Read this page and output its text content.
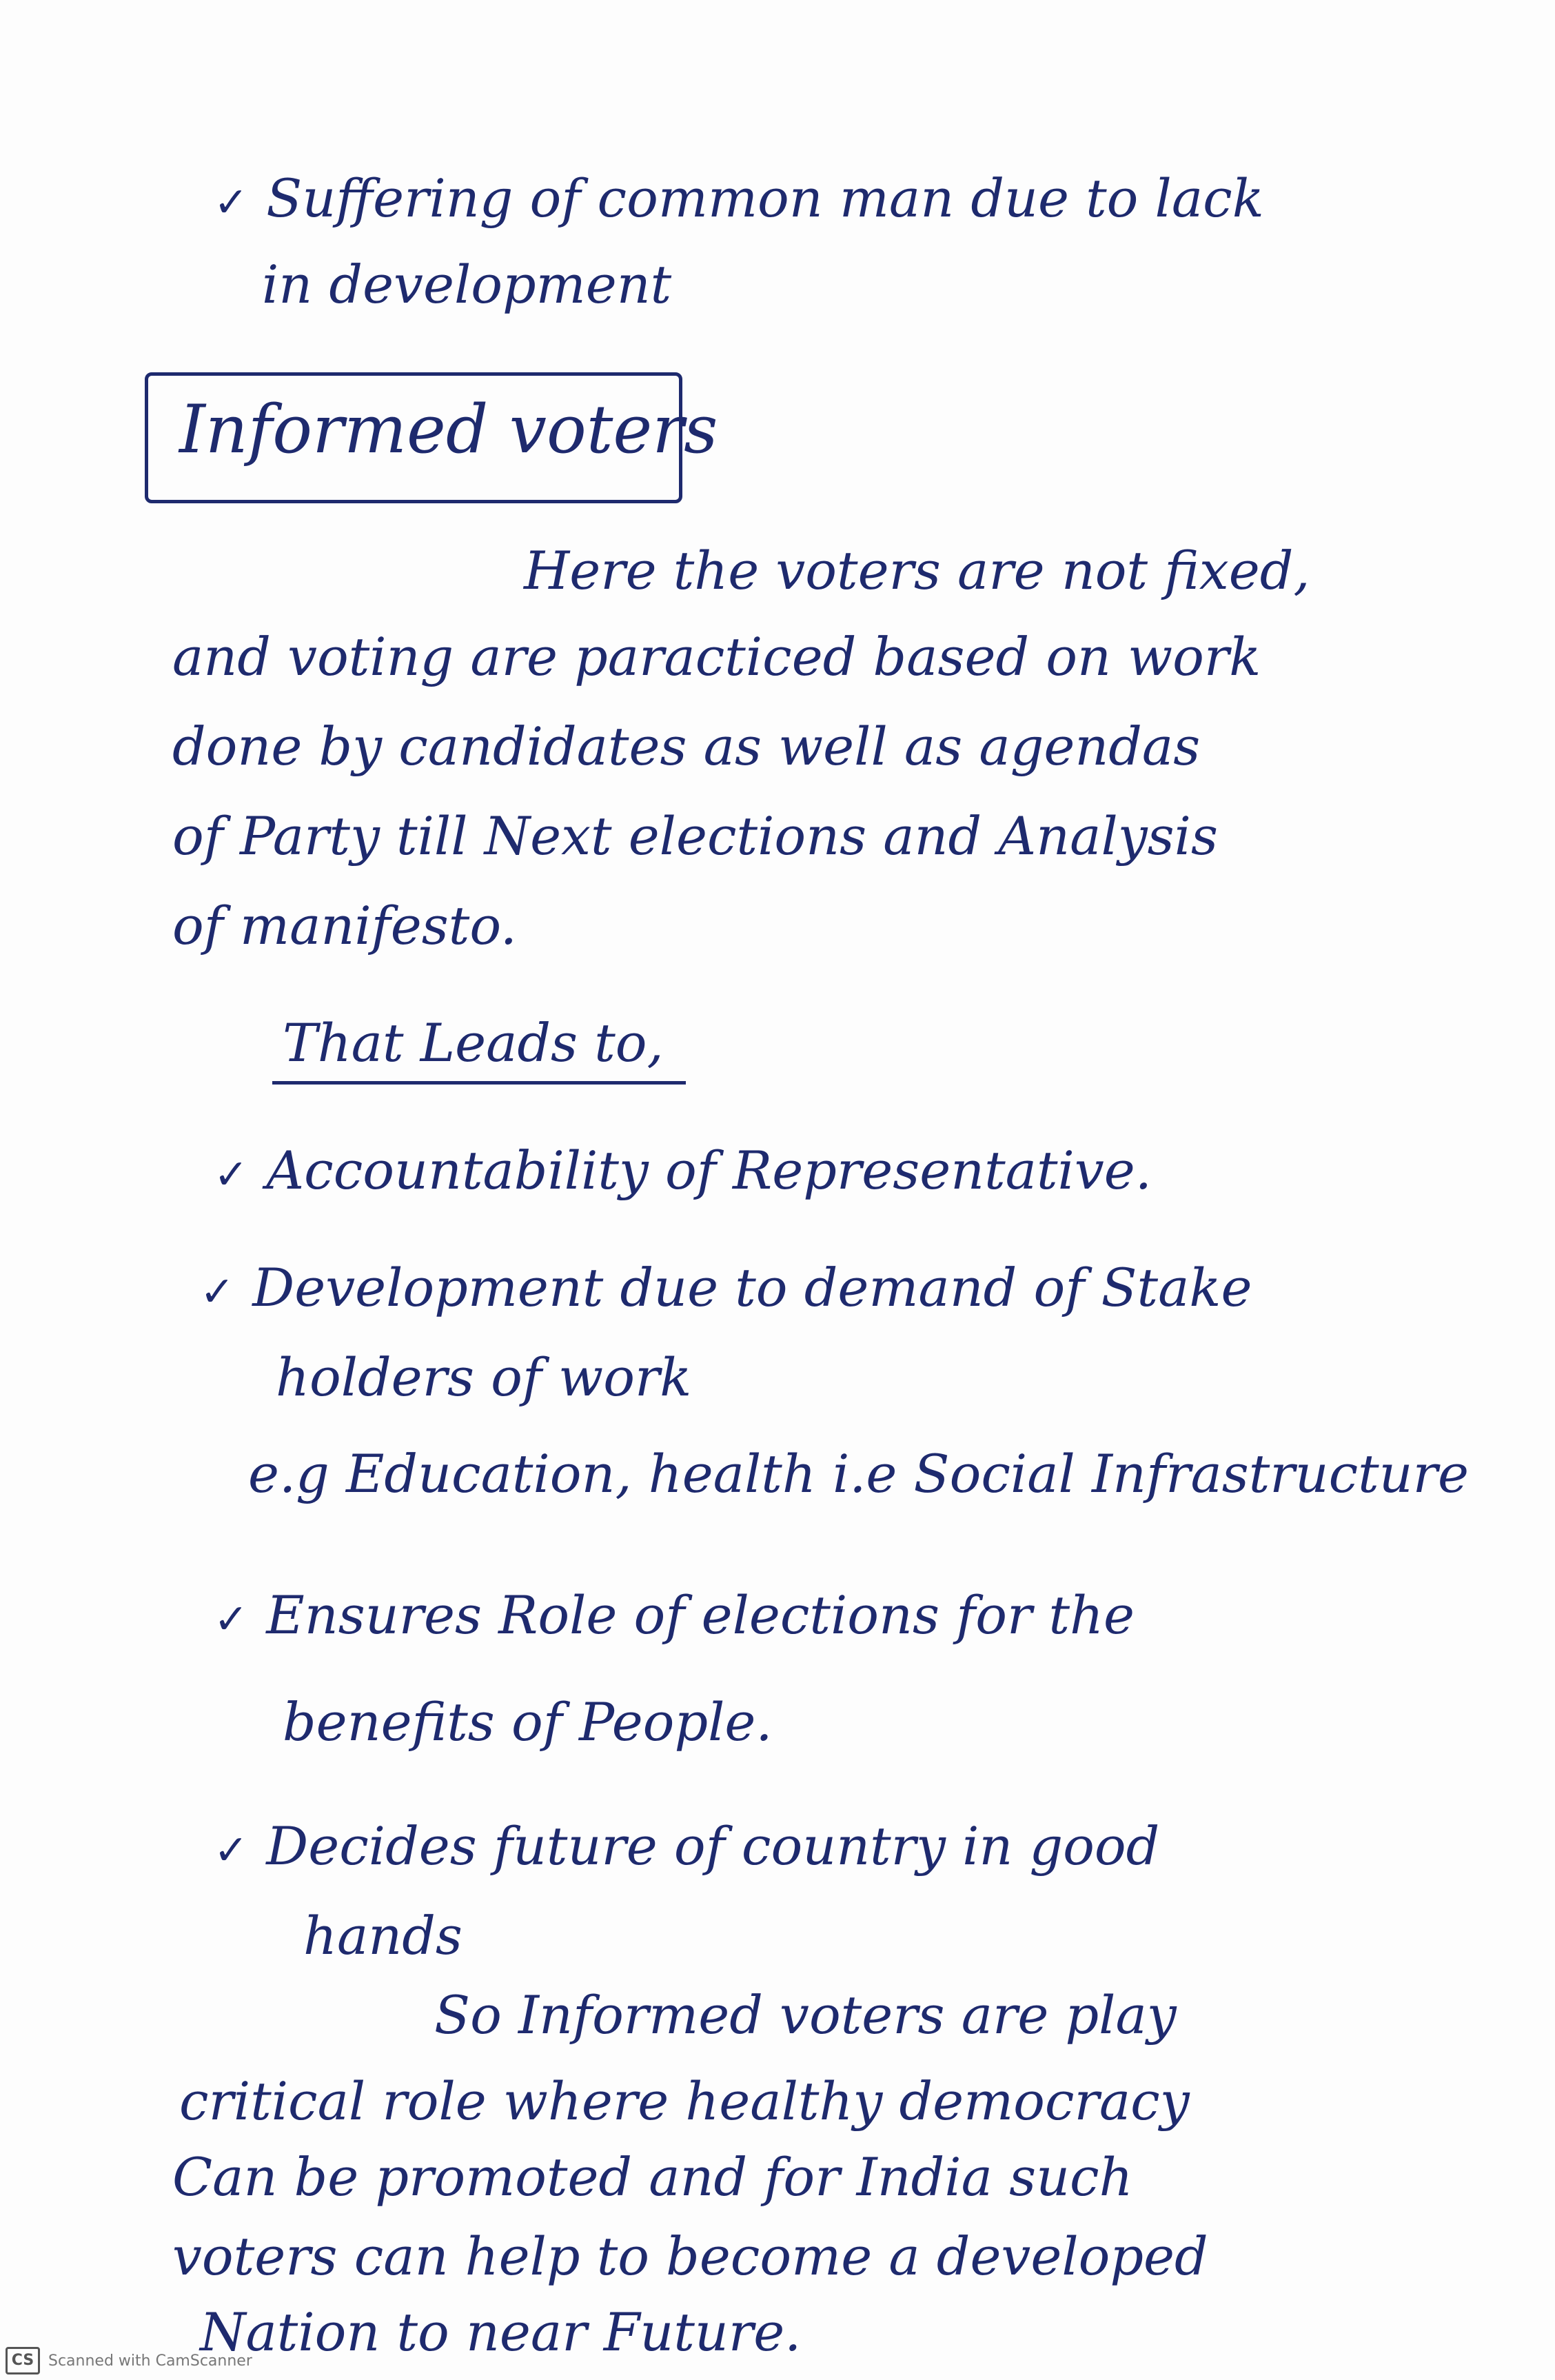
✓ Suffering of common man due to lack
in development
Informed voters
Here the voters are not fixed,
and voting are paracticed based on work
done by candidates as well as agendas
of Party till Next elections and Analysis
of manifesto.
That Leads to,
✓ Accountability of Representative.
✓ Development due to demand of Stake
holders of work
e.g Education, health i.e Social Infrastructure
✓ Ensures Role of elections for the
benefits of People.
✓ Decides future of country in good
hands
So Informed voters are play
critical role where healthy democracy
Can be promoted and for India such
voters can help to become a developed
Nation to near Future.
CS Scanned with CamScanner
